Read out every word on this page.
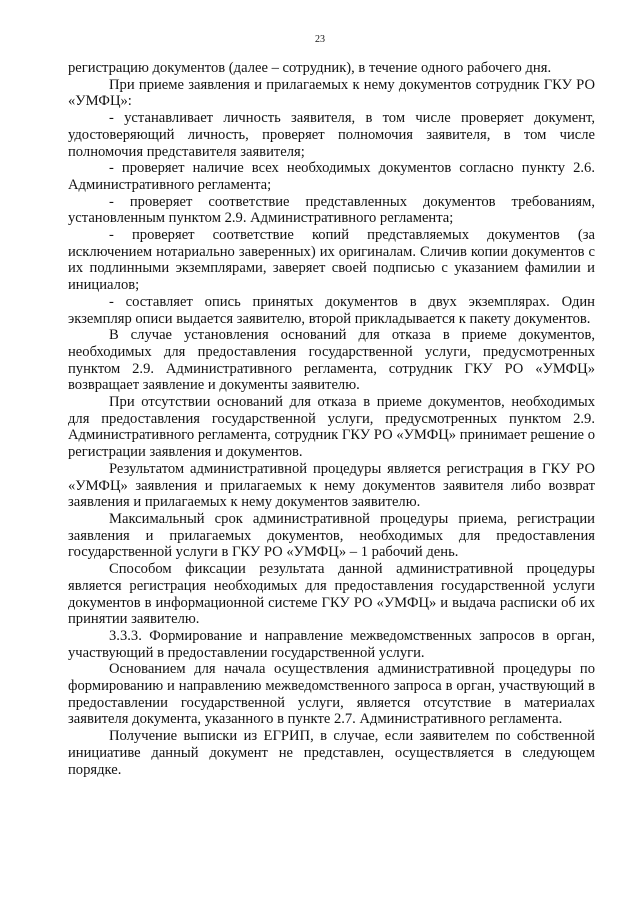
23

регистрацию документов (далее – сотрудник), в течение одного рабочего дня.

При приеме заявления и прилагаемых к нему документов сотрудник ГКУ РО «УМФЦ»:

- устанавливает личность заявителя, в том числе проверяет документ, удостоверяющий личность, проверяет полномочия заявителя, в том числе полномочия представителя заявителя;

- проверяет наличие всех необходимых документов согласно пункту 2.6. Административного регламента;

- проверяет соответствие представленных документов требованиям, установленным пунктом 2.9. Административного регламента;

- проверяет соответствие копий представляемых документов (за исключением нотариально заверенных) их оригиналам. Сличив копии документов с их подлинными экземплярами, заверяет своей подписью с указанием фамилии и инициалов;

- составляет опись принятых документов в двух экземплярах. Один экземпляр описи выдается заявителю, второй прикладывается к пакету документов.

В случае установления оснований для отказа в приеме документов, необходимых для предоставления государственной услуги, предусмотренных пунктом 2.9. Административного регламента, сотрудник ГКУ РО «УМФЦ» возвращает заявление и документы заявителю.

При отсутствии оснований для отказа в приеме документов, необходимых для предоставления государственной услуги, предусмотренных пунктом 2.9. Административного регламента, сотрудник ГКУ РО «УМФЦ» принимает решение о регистрации заявления и документов.

Результатом административной процедуры является регистрация в ГКУ РО «УМФЦ» заявления и прилагаемых к нему документов заявителя либо возврат заявления и прилагаемых к нему документов заявителю.

Максимальный срок административной процедуры приема, регистрации заявления и прилагаемых документов, необходимых для предоставления государственной услуги в ГКУ РО «УМФЦ» – 1 рабочий день.

Способом фиксации результата данной административной процедуры является регистрация необходимых для предоставления государственной услуги документов в информационной системе ГКУ РО «УМФЦ» и выдача расписки об их принятии заявителю.

3.3.3. Формирование и направление межведомственных запросов в орган, участвующий в предоставлении государственной услуги.

Основанием для начала осуществления административной процедуры по формированию и направлению межведомственного запроса в орган, участвующий в предоставлении государственной услуги, является отсутствие в материалах заявителя документа, указанного в пункте 2.7. Административного регламента.

Получение выписки из ЕГРИП, в случае, если заявителем по собственной инициативе данный документ не представлен, осуществляется в следующем порядке.
